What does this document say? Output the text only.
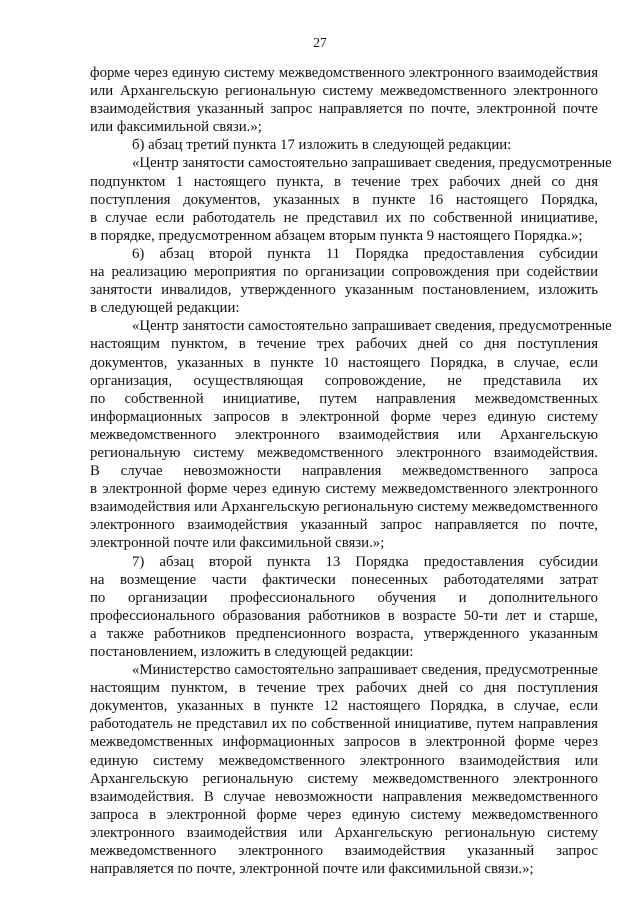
27
форме через единую систему межведомственного электронного взаимодействия
или Архангельскую региональную систему межведомственного электронного
взаимодействия указанный запрос направляется по почте, электронной почте
или факсимильной связи.»;
б) абзац третий пункта 17 изложить в следующей редакции:
«Центр занятости самостоятельно запрашивает сведения, предусмотренные
подпунктом 1 настоящего пункта, в течение трех рабочих дней со дня
поступления документов, указанных в пункте 16 настоящего Порядка,
в случае если работодатель не представил их по собственной инициативе,
в порядке, предусмотренном абзацем вторым пункта 9 настоящего Порядка.»;
6) абзац второй пункта 11 Порядка предоставления субсидии
на реализацию мероприятия по организации сопровождения при содействии
занятости инвалидов, утвержденного указанным постановлением, изложить
в следующей редакции:
«Центр занятости самостоятельно запрашивает сведения, предусмотренные
настоящим пунктом, в течение трех рабочих дней со дня поступления
документов, указанных в пункте 10 настоящего Порядка, в случае, если
организация, осуществляющая сопровождение, не представила их
по собственной инициативе, путем направления межведомственных
информационных запросов в электронной форме через единую систему
межведомственного электронного взаимодействия или Архангельскую
региональную систему межведомственного электронного взаимодействия.
В случае невозможности направления межведомственного запроса
в электронной форме через единую систему межведомственного электронного
взаимодействия или Архангельскую региональную систему межведомственного
электронного взаимодействия указанный запрос направляется по почте,
электронной почте или факсимильной связи.»;
7) абзац второй пункта 13 Порядка предоставления субсидии
на возмещение части фактически понесенных работодателями затрат
по организации профессионального обучения и дополнительного
профессионального образования работников в возрасте 50-ти лет и старше,
а также работников предпенсионного возраста, утвержденного указанным
постановлением, изложить в следующей редакции:
«Министерство самостоятельно запрашивает сведения, предусмотренные
настоящим пунктом, в течение трех рабочих дней со дня поступления
документов, указанных в пункте 12 настоящего Порядка, в случае, если
работодатель не представил их по собственной инициативе, путем направления
межведомственных информационных запросов в электронной форме через
единую систему межведомственного электронного взаимодействия или
Архангельскую региональную систему межведомственного электронного
взаимодействия. В случае невозможности направления межведомственного
запроса в электронной форме через единую систему межведомственного
электронного взаимодействия или Архангельскую региональную систему
межведомственного электронного взаимодействия указанный запрос
направляется по почте, электронной почте или факсимильной связи.»;
